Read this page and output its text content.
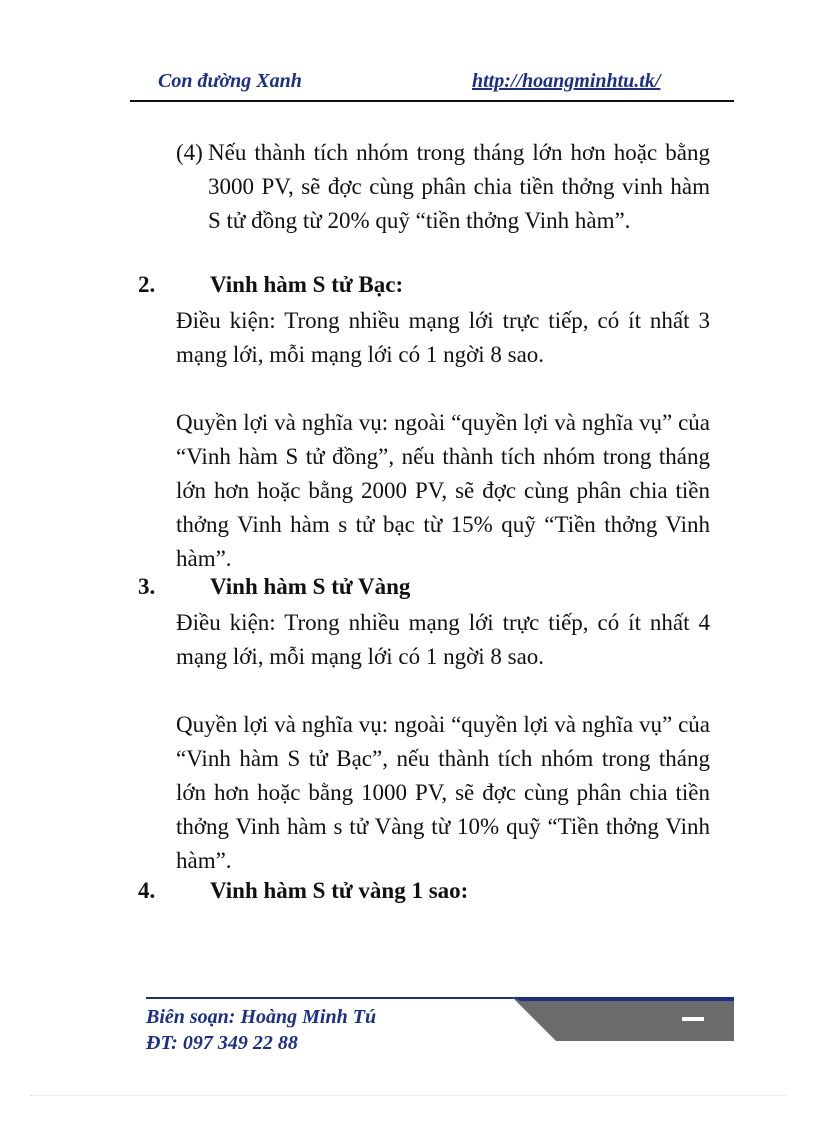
Con đường Xanh	http://hoangminhtu.tk/
(4) Nếu thành tích nhóm trong tháng lớn hơn hoặc bằng 3000 PV, sẽ đợc cùng phân chia tiền thởng vinh hàm S tử đồng từ 20% quỹ “tiền thởng Vinh hàm”.
2. Vinh hàm S tử Bạc:

Điều kiện: Trong nhiều mạng lới trực tiếp, có ít nhất 3 mạng lới, mỗi mạng lới có 1 ngời 8 sao.

Quyền lợi và nghĩa vụ: ngoài “quyền lợi và nghĩa vụ” của “Vinh hàm S tử đồng”, nếu thành tích nhóm trong tháng lớn hơn hoặc bằng 2000 PV, sẽ đợc cùng phân chia tiền thởng Vinh hàm s tử bạc từ 15% quỹ “Tiền thởng Vinh hàm”.

3. Vinh hàm S tử Vàng

Điều kiện: Trong nhiều mạng lới trực tiếp, có ít nhất 4 mạng lới, mỗi mạng lới có 1 ngời 8 sao.

Quyền lợi và nghĩa vụ: ngoài “quyền lợi và nghĩa vụ” của “Vinh hàm S tử Bạc”, nếu thành tích nhóm trong tháng lớn hơn hoặc bằng 1000 PV, sẽ đợc cùng phân chia tiền thởng Vinh hàm s tử Vàng từ 10% quỹ “Tiền thởng Vinh hàm”.

4. Vinh hàm S tử vàng 1 sao:
Biên soạn: Hoàng Minh Tú
ĐT: 097 349 22 88
